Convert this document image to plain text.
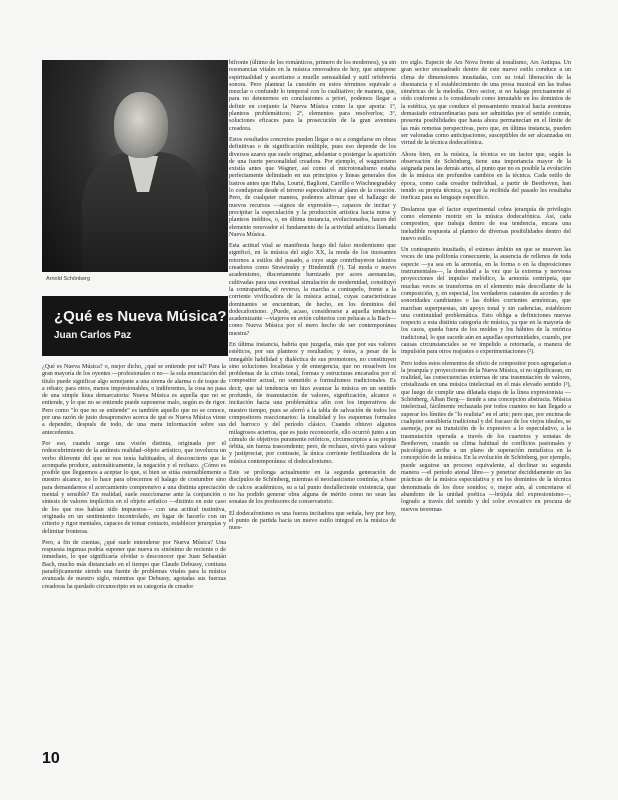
Arnold Schönberg
¿Qué es Nueva Música?
Juan Carlos Paz

¿Qué es Nueva Música? o, mejor dicho, ¿qué se entiende por tal? Para la gran mayoría de los oyentes —profesionales o no— la sola enunciación del título puede significar algo semejante a una sirena de alarma o de toque de a rebato; para otros, menos impresionables, o indiferentes, la cosa no pasa de una simple línea demarcatoria: Nueva Música es aquella que no se entiende, y lo que no se entiende puede suponerse malo, según es de rigor. Pero como "lo que no se entiende" es también aquello que no se conoce, por una razón de justo desaprensivo acerca de qué es Nueva Música viene a depender, después de todo, de una mera información sobre sus antecedentes.

Por eso, cuando surge una visión distinta, originada por el redescubrimiento de la antítesis realidad–objeto artístico, que involucra un verbo diferente del que se nos tenía habituados, el desconcierto que le acompaña produce, automáticamente, la negación y el rechazo. ¿Cómo es posible que lleguemos a aceptar lo que, si bien se sitúa ostensiblemente a nuestro alcance, no lo hace para ofrecernos el halago de costumbre sino para demandarnos el acercamiento comprensivo a una distinta apreciación mental y sensible? En realidad, suele reaccionarse ante la conjunción o síntesis de valores implícitos en el objeto artístico —distinto en este caso de los que nos habían sido impuestos— con una actitud instintiva, originada en un sentimiento incontrolado, en lugar de hacerlo con un criterio y rigor mentales, capaces de tomar contacto, establecer jerarquías y delimitar fronteras.

Pero, a fin de cuentas, ¿qué suele entenderse por Nueva Música? Una respuesta ingenua podría suponer que nueva es sinónimo de reciente o de inmediato, lo que significaría olvidar o desconocer que Juan Sebastián Bach, mucho más distanciado en el tiempo que Claude Debussy, contiuna paradójicamente siendo una fuente de problemas vitales para la música avanzada de nuestro siglo, mientras que Debussy, agotadas sus fuerzas creadoras ha quedado circunscripto en su categoría de creador

bifronte (último de los románticos, primero de los modernos), ya sin resonancias vitales en la música renovadora de hoy, que antepone espiritualidad y ascetismo a muelle sensualidad y sutil orfebrería sonora. Pero plantear la cuestión en estos términos equivale a mezclar o confundir lo temporal con lo cualitativo; de manera, que, para no detenernos en conclusiones a priori, podemos llegar a definir en conjunto la Nueva Música como la que aporta: 1º, planteos problemáticos; 2º, elementos para resolverlos; 3º, soluciones eficaces para la prosecución de la gran aventura creadora.

Estos resultados concretos pueden llegar o no a congelarse en obras definitivas o de significación múltiple, pues eso depende de los diversos azares que suele originar, adelantar o postergar la aparición de una fuerte personalidad creadora. Por ejemplo, el wagnerismo existía antes que Wagner, así como el microtonalismo estaba perfectamente delimitado en sus principios y líneas generales dos lustros antes que Haba, Lourié, Baglioni, Carrillo o Wischnegradsky lo condujeran desde el terreno especulativo al plano de la creación. Pero, de cualquier manera, podemos afirmar que el hallazgo de nuevos recursos —signos de expresión—, capaces de incitar y precipitar la especulación y la producción artística hacia miras y planteos inéditos, o, en última instancia, evolucionados, hacen del elemento renovador el fundamento de la actividad artística llamada Nueva Música.

Esta actitud vital se manifiesta luego del falso modernismo que significó, en la música del siglo XX, la moda de los incesantes retornos a estilos del pasado, a cuyo auge contribuyeron talentos creadores como Strawinsky y Hindemith (¹). Tal moda o nuevo academismo, discretamente barnizado por acres asonancias, cultivadas para una eventual simulación de modernidad, constituyó la contrapartida, el reverso, la marcha a contrapelo, frente a la corriente vivificadora de la música actual, cuyas características dominantes se encuentran, de hecho, en los dominios del dodecafonismo. ¿Puede, acaso, considerarse a aquella tendencia academizante —viajeros en avión cubiertos con pelucas a la Bach— como Nueva Música por el mero hecho de ser contemporánea nuestra?

En última instancia, habría que juzgarla, más que por sus valores estéticos, por sus planteos y resultados; y éstos, a pesar de la innegable habilidad y dialéctica de sus promotores, no constituyen sino soluciones localistas y de emergencia, que no resuelven los problemas de la crisis tonal, formas y estructuras encarados por el compositor actual, no sometido a formulismos tradicionales. Es decir, que tal tendencia no hizo avanzar la música en un sentido profundo, de trasmutación de valores, significación, alcance o incitación hacia una problemática afín con los imperativos de nuestro tiempo, pues se aferró a la tabla de salvación de todos los compositores reaccionarios: la tonalidad y los esquemas formales del barroco y del período clásico. Cuando obtuvo algunos milagrosos aciertos, que es justo reconocerle, ello ocurrió junto a un cúmulo de objetivos puramente retóricos, circunscriptos a su propia órbita, sin fuerza trascendente; pero, de rechazo, sirvió para valorar y justipreciar, por contraste, la única corriente fertilizadora de la música contemporánea: el dodecafonismo.

Este se prolonga actualmente en la segunda generación de discípulos de Schönberg, mientras el neoclasicismo continúa, a base de calcos académicos, su a tal punto desfalleciente existencia, que no ha podido generar obra alguna de mérito como no sean las sonatas de los profesores de conservatorio.

El dodecafonismo es una fuerza incitadora que señala, hoy por hoy, el punto de partida hacia un nuevo estilo integral en la música de nues-

tro siglo. Especie de Ars Nova frente al tonalismo, Ars Antiqua. Un gran sector encuadrado dentro de este nuevo estilo conduce a un clima de dimensiones inusitadas, con su total liberación de la disonancia y el establecimiento de una prosa musical sin las trabas simétricas de la melodía. Otro sector, si no halaga precisamente el oído conforme a lo considerado como inmutable en los dominios de la estética, ya que conduce el pensamiento musical hacia aventuras demasiado extraordinarias para ser admitidas por el sentido común, presenta posibilidades que hasta ahora permanecían en el límite de las más remotas perspectivas, pero que, en última instancia, pueden ser valoradas como anticipaciones, susceptibles de ser alcanzadas en virtud de la técnica dodecafónica.

Ahora bien, en la música, la técnica es un factor que, según la observación de Schönberg, tiene una importancia mayor de la asignada para las demás artes, al punto que no es posible la evolución de la música sin profundos cambios en la técnica. Cada estilo de época, como cada creador individual, a partir de Beethoven, han tenido su propia técnica, ya que la recibida del pasado les resultaba ineficaz para su lenguaje específico.

Deslamos que el factor experimental cobra jerarquía de privilegio como elemento motriz en la música dodecafónica. Así, cada compositor, que trabaja dentro de esa tendencia, encara una ineludible respuesta al planteo de diversas posibilidades dentro del nuevo estilo.

Un contrapunto inusitado, el extenso ámbito en que se mueven las voces de una polifonía consecuente, la ausencia de rellenos de toda especie —ya sea en la armonía, en la forma o en la disposiciones instrumentales—, la densidad a la vez que la extrema y nerviosa proyecciones del impulso melódico, la armonía centrípeta, que muchas veces se transforma en el elemento más descollante de la composición, y, en especial, los verdaderos catarates de acordes y de sonoridades cambiantes o las dobles corrientes armónicas, que marchan superpuestas, sin apoyo tonal y sin cadencias, establecen una continuidad problemática. Esto obliga a definiciones nuevas respecto a esta distinta categoría de música, ya que en la mayoría de los casos, queda fuera de los moldes y los hábitos de la retórica tradicional, lo que sucede aún en aquellas oportunidades, cuando, por causas circunstanciales se ve impelido a retornarla, a manera de impulsión para otros reajustes o experimentaciones (²).

Pero todos estos elementos de oficio de compositor poco agregarían a la jerarquía y proyecciones de la Nueva Música, si no significaran, en realidad, las consecuencias externas de una trasmutación de valores, cristalizada en una música intelectual en el más elevado sentido (³), que luego de cumplir una dilatada etapa de la línea expresionista —Schönberg, Alban Berg— tiende a una concepción abstracta. Música intelectual, fácilmente rechazada por todos cuantos no han llegado a superar los límites de "lo realista" en el arte; pero que, por encima de cualquier sensiblería tradicional y del fracaso de los viejos ideales, se asemeja, por su transición de lo expresivo a lo especulativo, a la trasmutación operada a través de los cuartetos y sonatas de Beethoven, cuando su clima habitual de conflictos pasionales y psicológicos arriba a un plano de superación metafísica en la concepción de la música. En la evolución de Schönberg, por ejemplo, puede seguirse un proceso equivalente, al declinar su segunda manera —el período atonal libre— y penetrar decididamente en las prácticas de la música especulativa y en los dominios de la técnica denominada de los doce sonidos; o, mejor aún, al concretarse el abandono de la unidad poética —brújula del expresionismo—, logrado a través del sonido y del color evocativo en procura de nuevos teoremas

10
